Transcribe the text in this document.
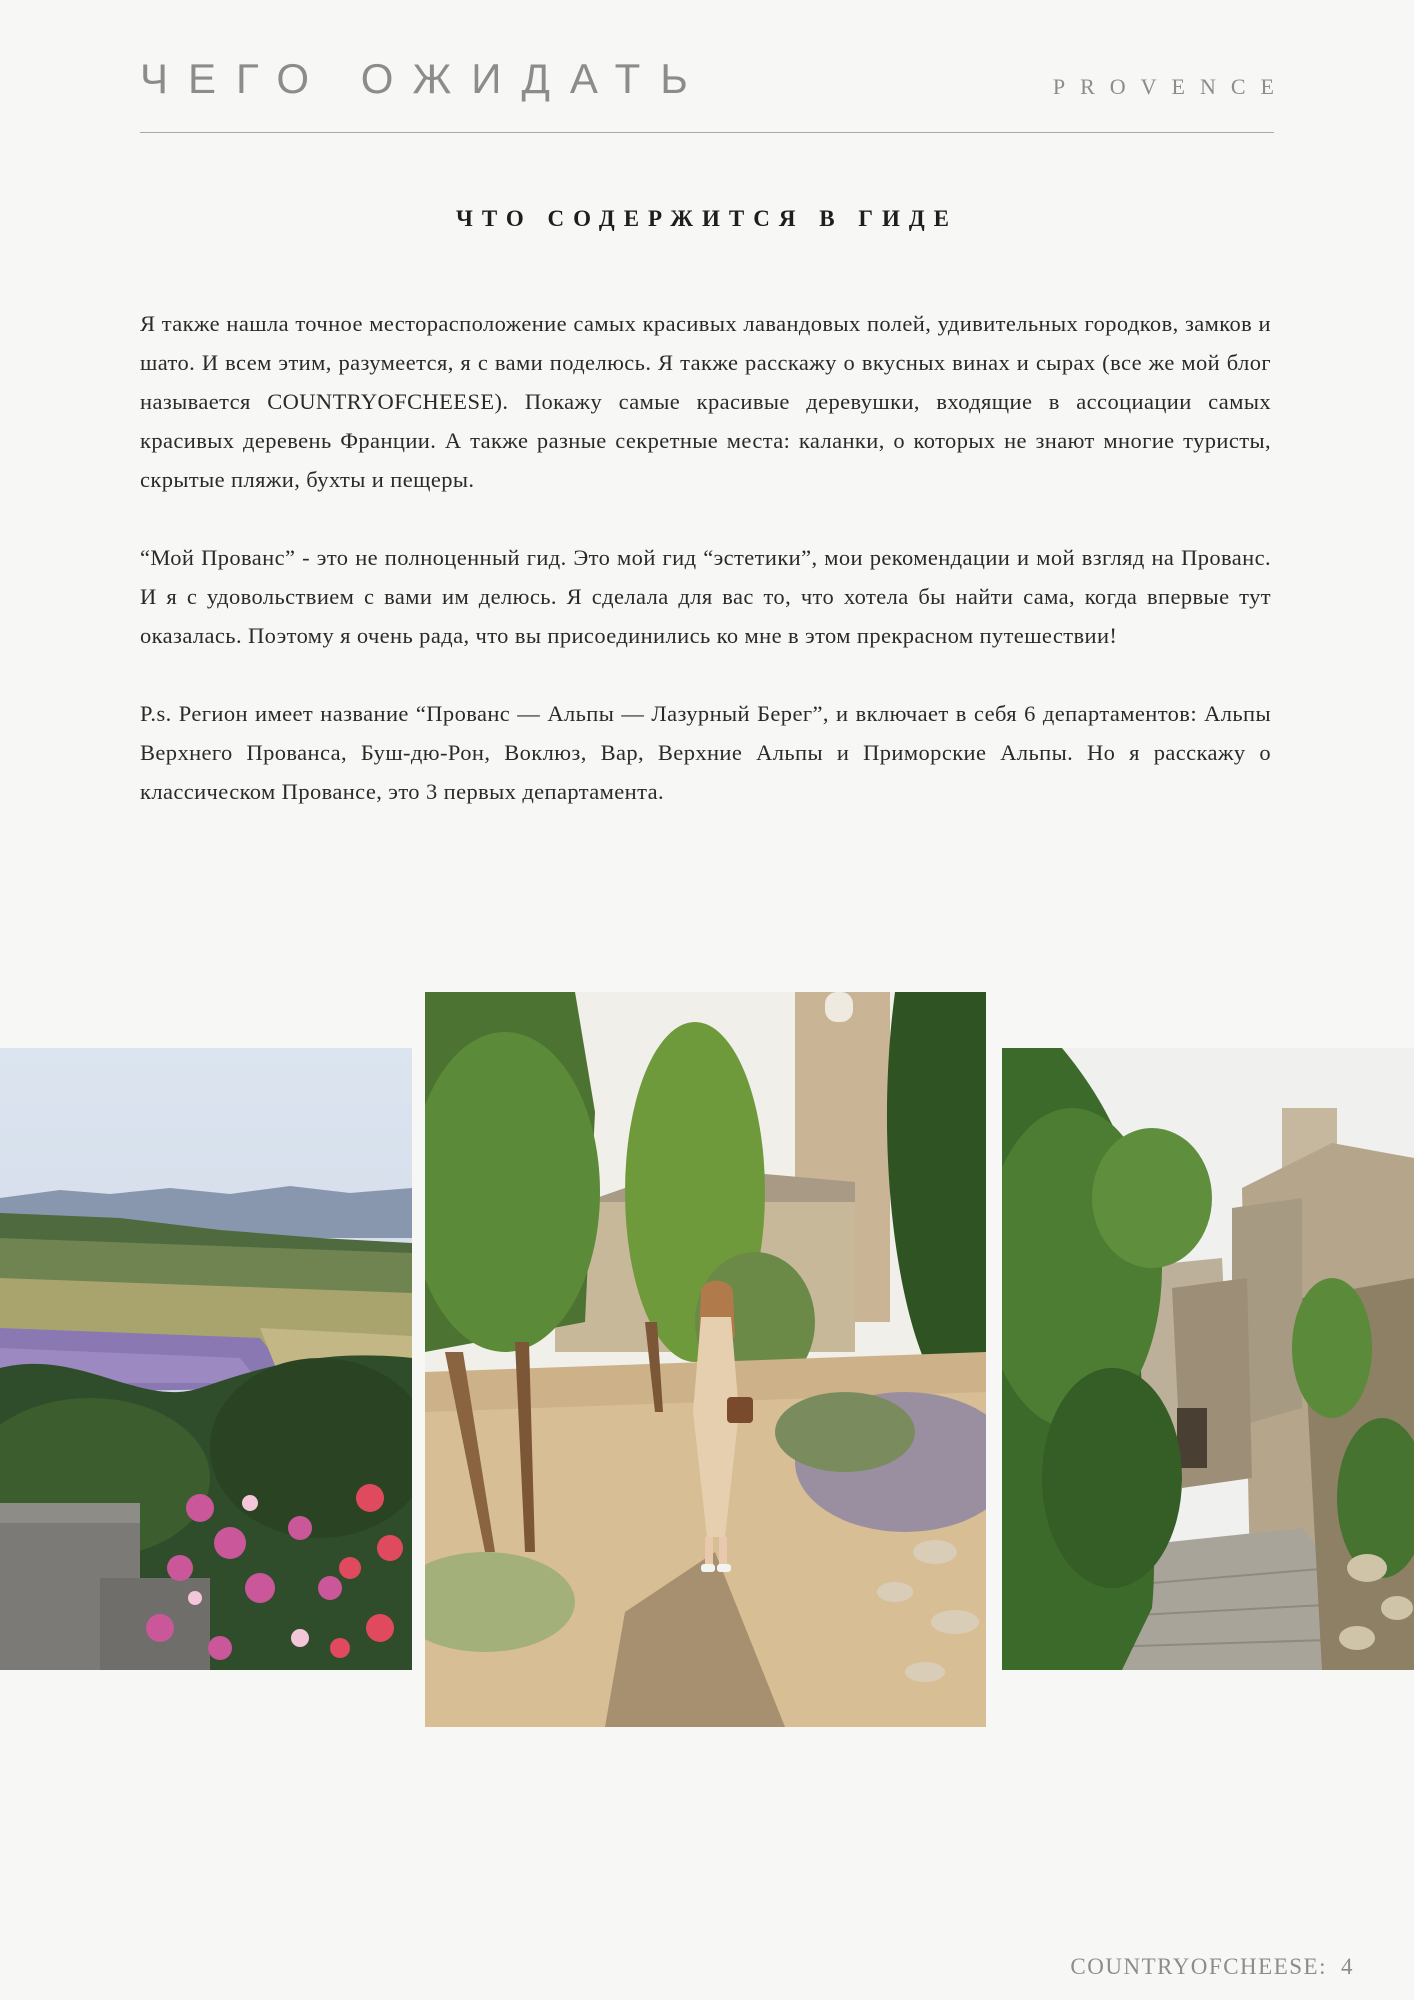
ЧЕГО ОЖИДАТЬ	PROVENCE
ЧТО СОДЕРЖИТСЯ В ГИДЕ

Я также нашла точное месторасположение самых красивых лавандовых полей, удивительных городков, замков и шато. И всем этим, разумеется, я с вами поделюсь. Я также расскажу о вкусных винах и сырах (все же мой блог называется COUNTRYOFCHEESE). Покажу самые красивые деревушки, входящие в ассоциации самых красивых деревень Франции. А также разные секретные места: каланки, о которых не знают многие туристы, скрытые пляжи, бухты и пещеры.

“Мой Прованс” - это не полноценный гид. Это мой гид “эстетики”, мои рекомендации и мой взгляд на Прованс. И я с удовольствием с вами им делюсь. Я сделала для вас то, что хотела бы найти сама, когда впервые тут оказалась. Поэтому я очень рада, что вы присоединились ко мне в этом прекрасном путешествии!

P.s. Регион имеет название “Прованс — Альпы — Лазурный Берег”, и включает в себя 6 департаментов: Альпы Верхнего Прованса, Буш-дю-Рон, Воклюз, Вар, Верхние Альпы и Приморские Альпы. Но я расскажу о классическом Провансе, это 3 первых департамента.

COUNTRYOFCHEESE: 4
